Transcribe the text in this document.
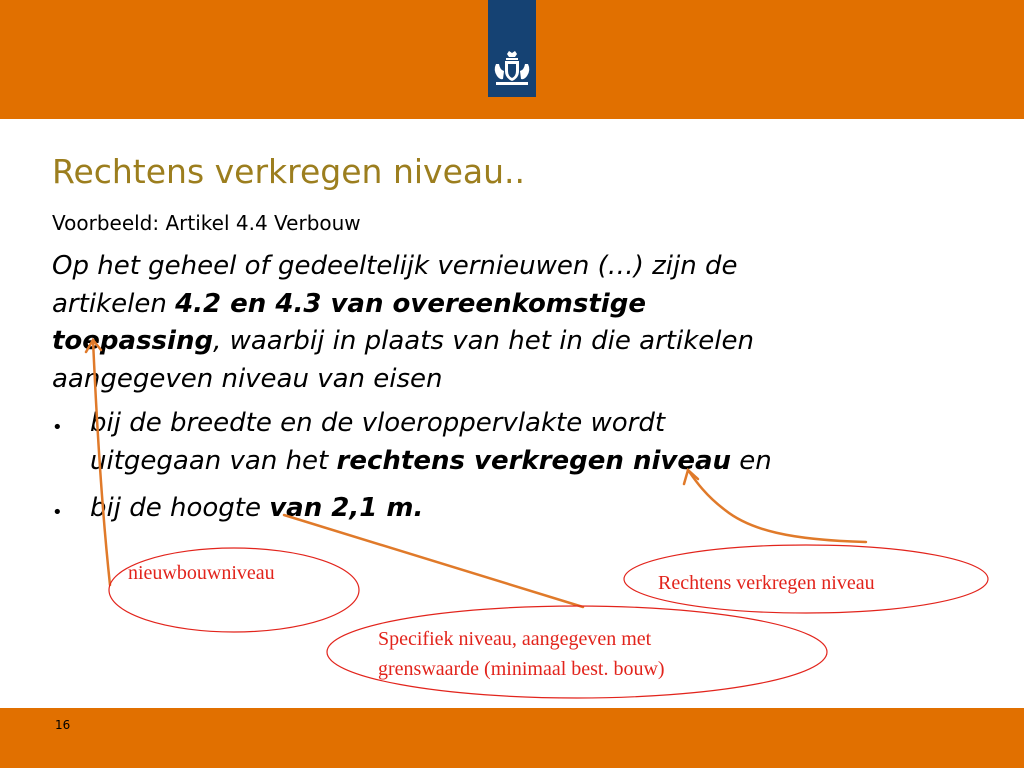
Rechtens verkregen niveau..
Voorbeeld: Artikel 4.4 Verbouw
Op het geheel of gedeeltelijk vernieuwen (…) zijn de
artikelen 4.2 en 4.3 van overeenkomstige
toepassing, waarbij in plaats van het in die artikelen
aangegeven niveau van eisen
• bij de breedte en de vloeroppervlakte wordt
uitgegaan van het rechtens verkregen niveau en
• bij de hoogte van 2,1 m.
nieuwbouwniveau	Rechtens verkregen niveau
Specifiek niveau, aangegeven met
grenswaarde (minimaal best. bouw)
16
